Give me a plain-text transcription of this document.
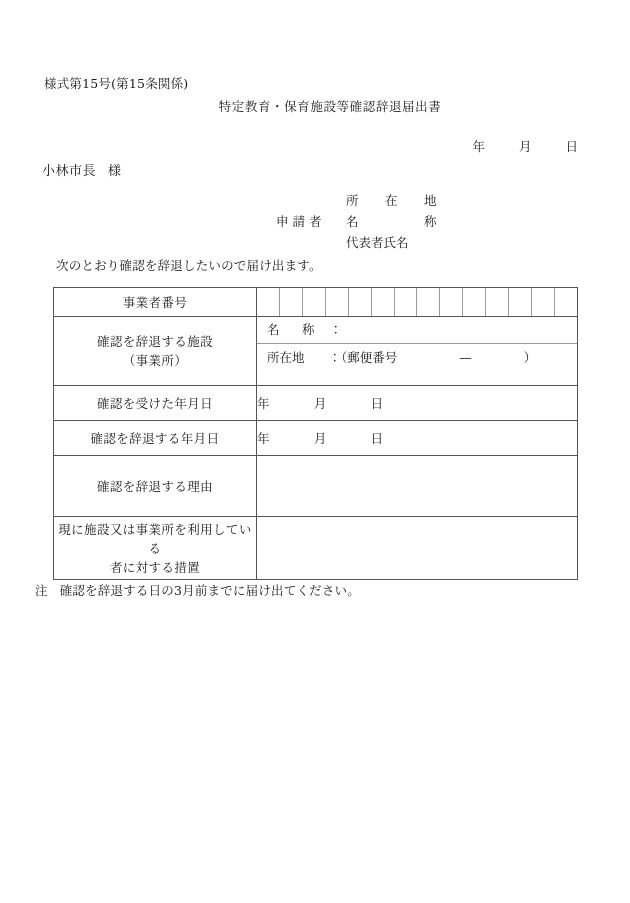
様式第15号(第15条関係)
特定教育・保育施設等確認辞退届出書
年	月	日
小林市長 様
所　在　地
申請者 名　　　称
代表者氏名
次のとおり確認を辞退したいので届け出ます。
事業者番号	

確認を辞退する施設
（事業所）

名　称 ：
所在地 ：（郵便番号	—	）

確認を受けた年月日	年 月 日
確認を辞退する年月日	年 月 日
確認を辞退する理由	

現に施設又は事業所を利用している
者に対する措置	

注 確認を辞退する日の3月前までに届け出てください。
